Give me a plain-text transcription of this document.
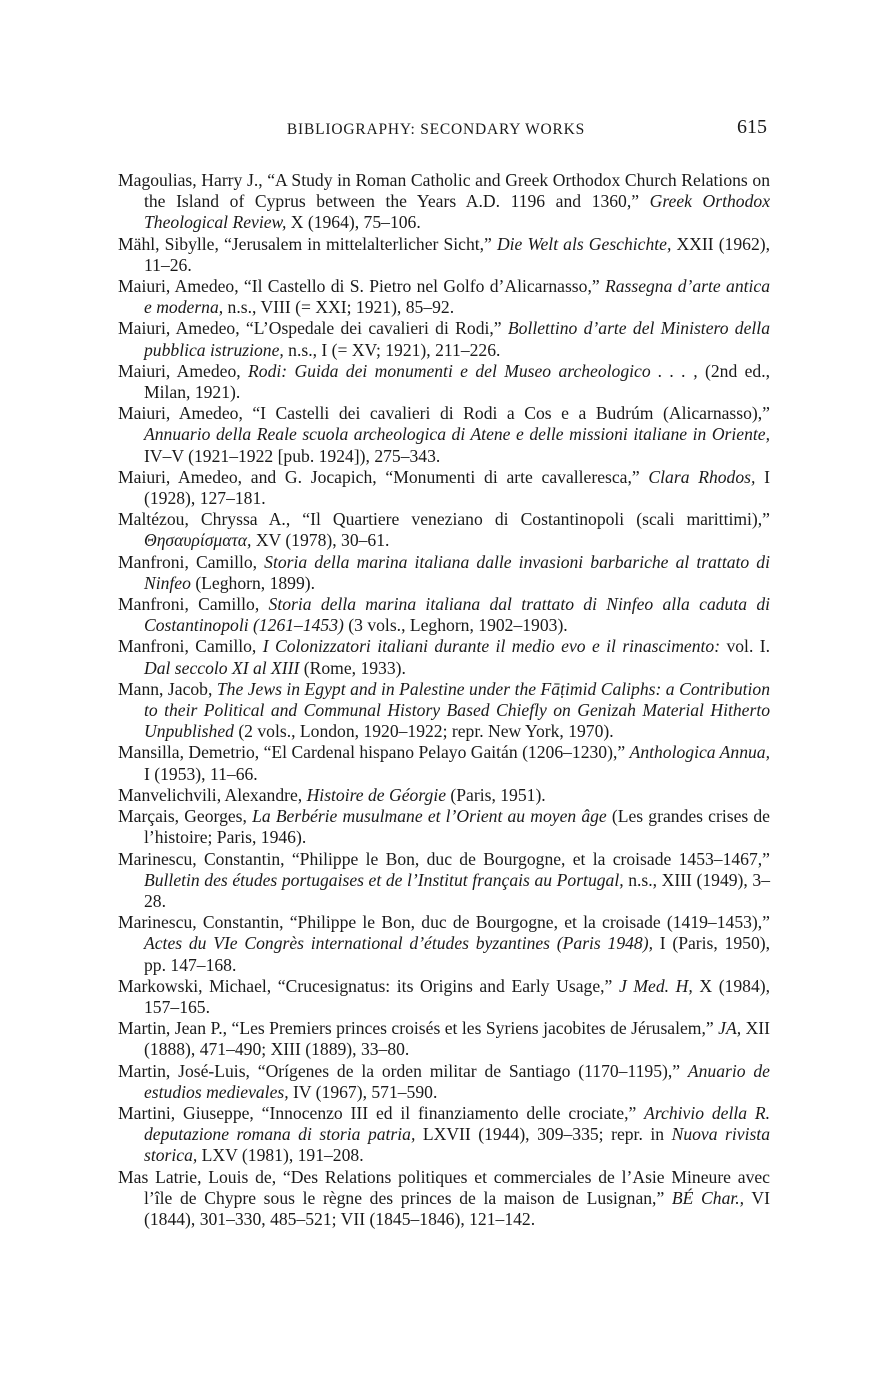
BIBLIOGRAPHY: SECONDARY WORKS	615

Magoulias, Harry J., “A Study in Roman Catholic and Greek Orthodox Church Relations on the Island of Cyprus between the Years A.D. 1196 and 1360,” Greek Orthodox Theological Review, X (1964), 75–106.

Mähl, Sibylle, “Jerusalem in mittelalterlicher Sicht,” Die Welt als Geschichte, XXII (1962), 11–26.

Maiuri, Amedeo, “Il Castello di S. Pietro nel Golfo d’Alicarnasso,” Rassegna d’arte antica e moderna, n.s., VIII (= XXI; 1921), 85–92.

Maiuri, Amedeo, “L’Ospedale dei cavalieri di Rodi,” Bollettino d’arte del Ministero della pubblica istruzione, n.s., I (= XV; 1921), 211–226.

Maiuri, Amedeo, Rodi: Guida dei monumenti e del Museo archeologico . . . , (2nd ed., Milan, 1921).

Maiuri, Amedeo, “I Castelli dei cavalieri di Rodi a Cos e a Budrúm (Alicarnasso),” Annuario della Reale scuola archeologica di Atene e delle missioni italiane in Oriente, IV–V (1921–1922 [pub. 1924]), 275–343.

Maiuri, Amedeo, and G. Jocapich, “Monumenti di arte cavalleresca,” Clara Rhodos, I (1928), 127–181.

Maltézou, Chryssa A., “Il Quartiere veneziano di Costantinopoli (scali marittimi),” Θησαυρίσματα, XV (1978), 30–61.

Manfroni, Camillo, Storia della marina italiana dalle invasioni barbariche al trattato di Ninfeo (Leghorn, 1899).

Manfroni, Camillo, Storia della marina italiana dal trattato di Ninfeo alla caduta di Costantinopoli (1261–1453) (3 vols., Leghorn, 1902–1903).

Manfroni, Camillo, I Colonizzatori italiani durante il medio evo e il rinascimento: vol. I. Dal seccolo XI al XIII (Rome, 1933).

Mann, Jacob, The Jews in Egypt and in Palestine under the Fāṭimid Caliphs: a Contribution to their Political and Communal History Based Chiefly on Genizah Material Hitherto Unpublished (2 vols., London, 1920–1922; repr. New York, 1970).

Mansilla, Demetrio, “El Cardenal hispano Pelayo Gaitán (1206–1230),” Anthologica Annua, I (1953), 11–66.

Manvelichvili, Alexandre, Histoire de Géorgie (Paris, 1951).

Marçais, Georges, La Berbérie musulmane et l’Orient au moyen âge (Les grandes crises de l’histoire; Paris, 1946).

Marinescu, Constantin, “Philippe le Bon, duc de Bourgogne, et la croisade 1453–1467,” Bulletin des études portugaises et de l’Institut français au Portugal, n.s., XIII (1949), 3–28.

Marinescu, Constantin, “Philippe le Bon, duc de Bourgogne, et la croisade (1419–1453),” Actes du VIe Congrès international d’études byzantines (Paris 1948), I (Paris, 1950), pp. 147–168.

Markowski, Michael, “Crucesignatus: its Origins and Early Usage,” J Med. H, X (1984), 157–165.

Martin, Jean P., “Les Premiers princes croisés et les Syriens jacobites de Jérusalem,” JA, XII (1888), 471–490; XIII (1889), 33–80.

Martin, José-Luis, “Orígenes de la orden militar de Santiago (1170–1195),” Anuario de estudios medievales, IV (1967), 571–590.

Martini, Giuseppe, “Innocenzo III ed il finanziamento delle crociate,” Archivio della R. deputazione romana di storia patria, LXVII (1944), 309–335; repr. in Nuova rivista storica, LXV (1981), 191–208.

Mas Latrie, Louis de, “Des Relations politiques et commerciales de l’Asie Mineure avec l’île de Chypre sous le règne des princes de la maison de Lusignan,” BÉ Char., VI (1844), 301–330, 485–521; VII (1845–1846), 121–142.
